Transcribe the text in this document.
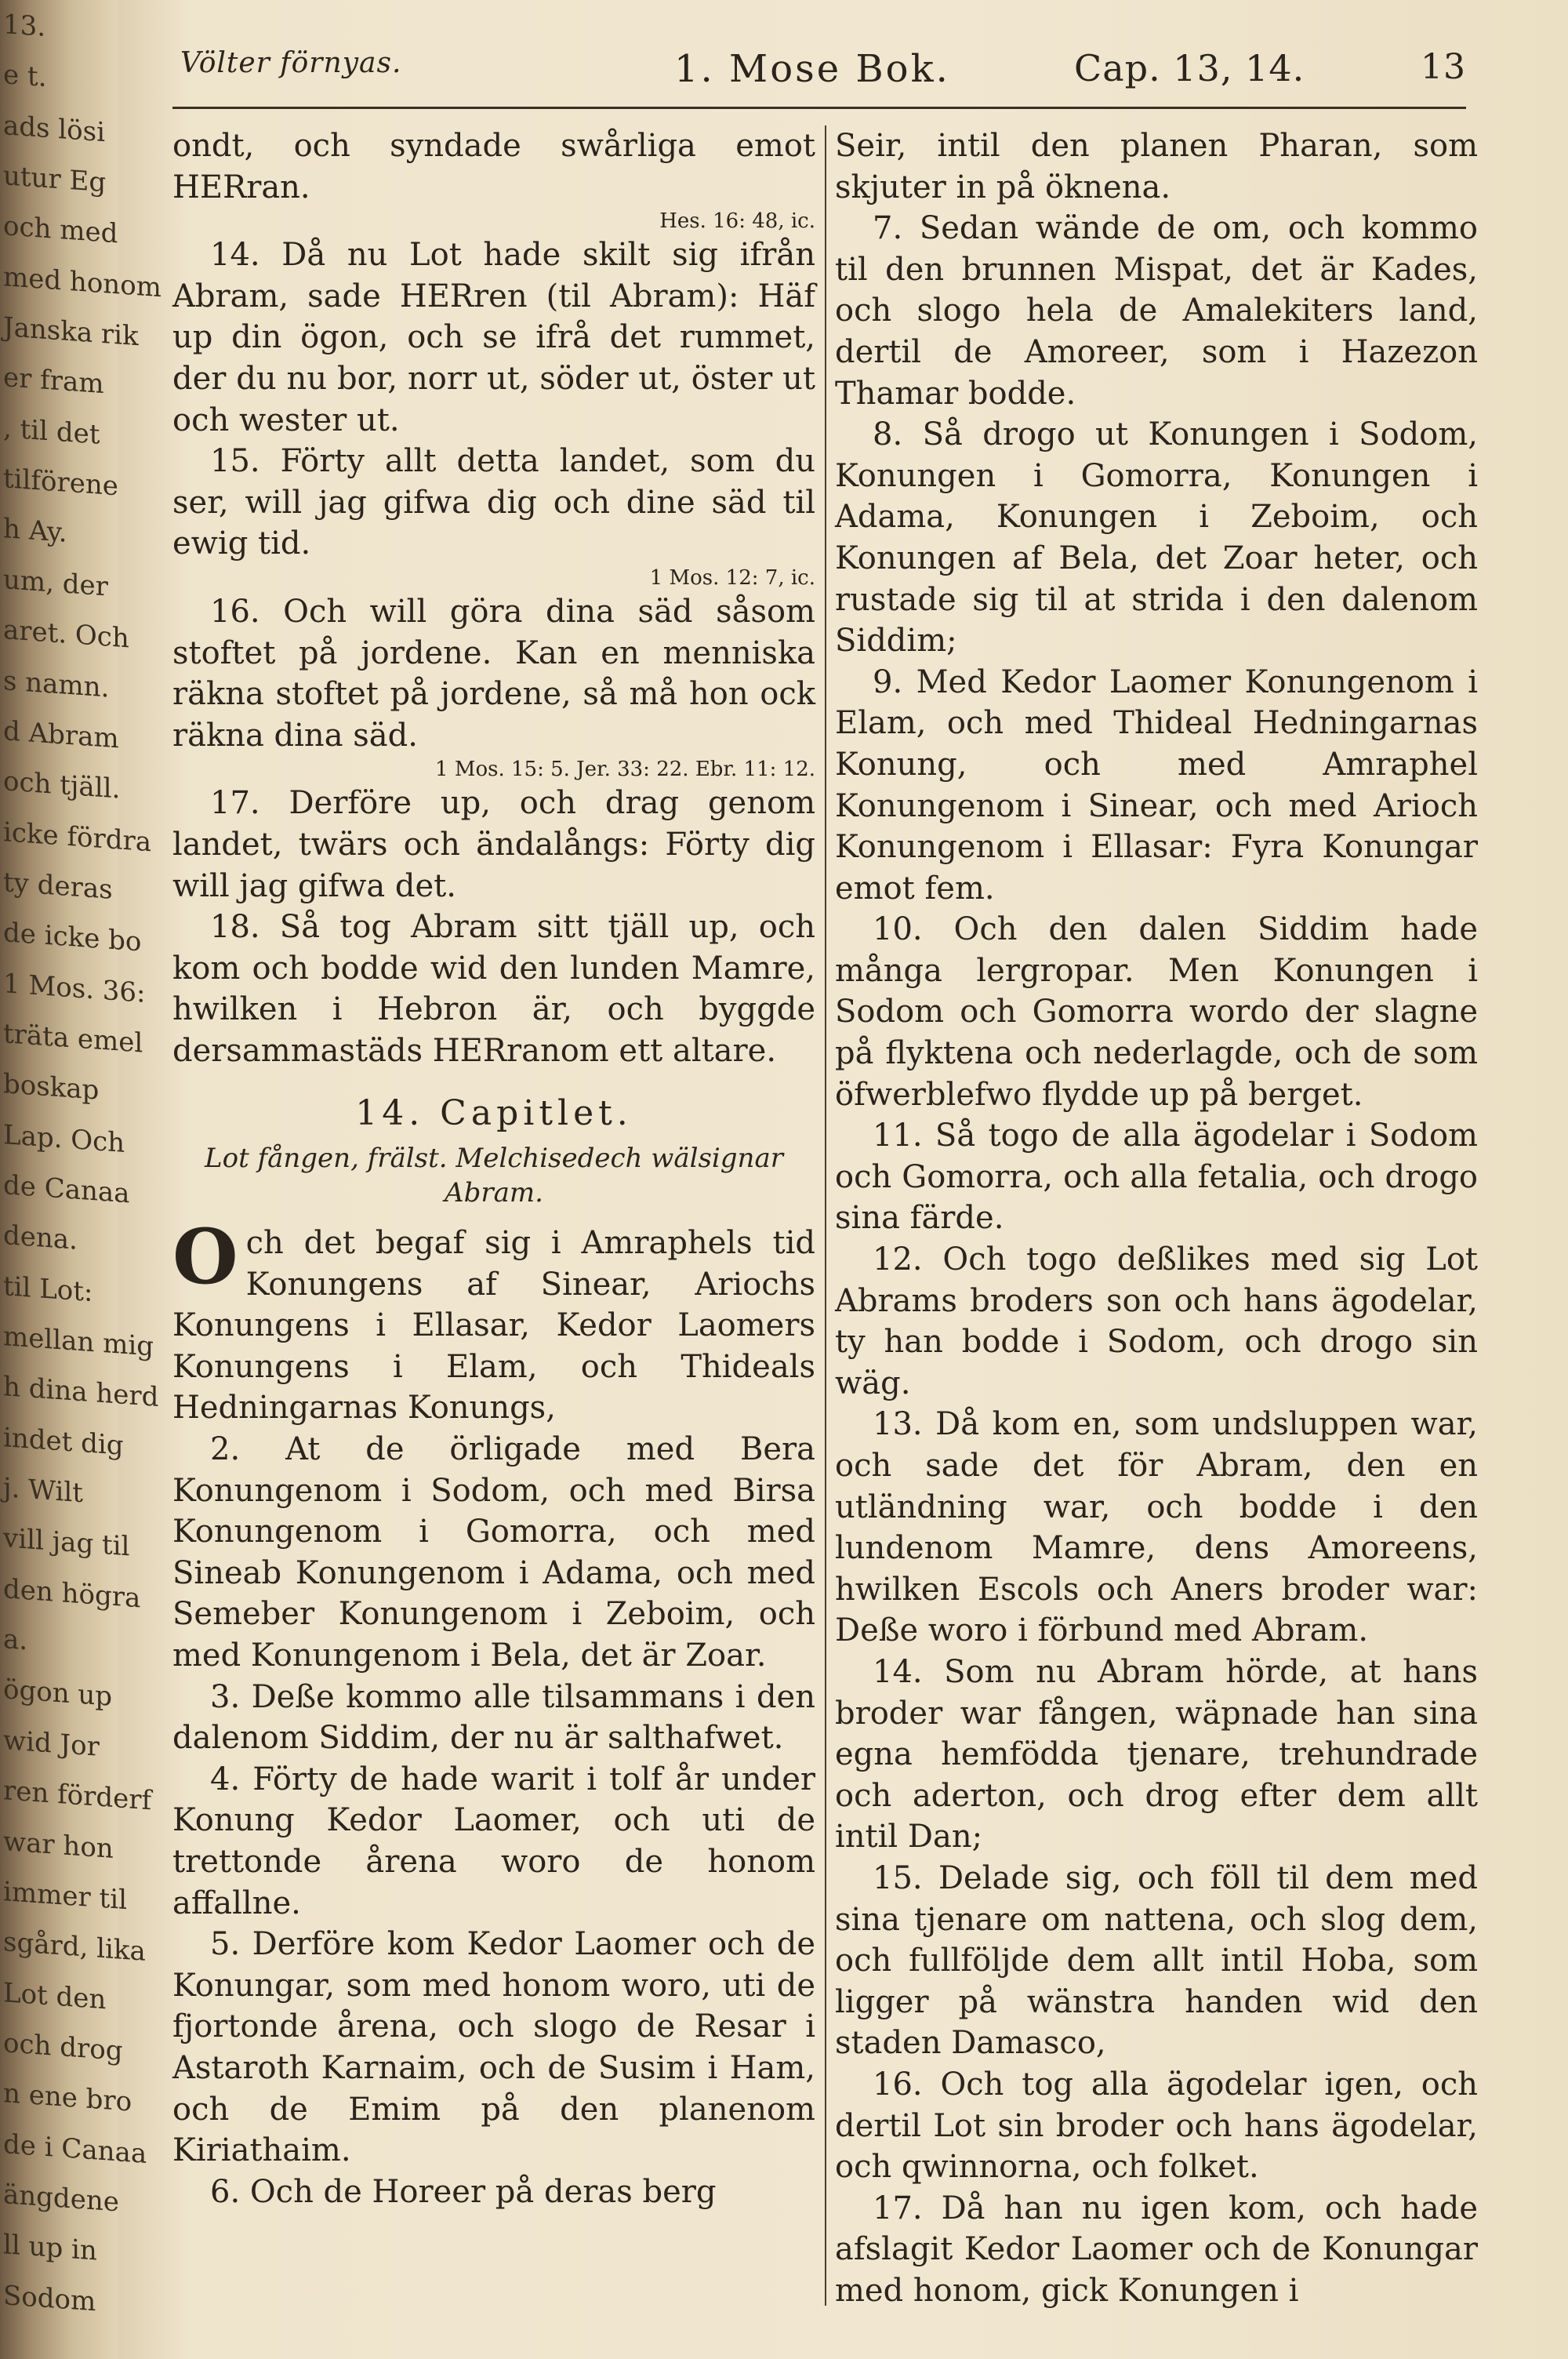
13.
e t.
ads lösi
utur Eg
och med
med honom
Janska rik
er fram
, til det
tilförene
h Ay.
um, der
aret. Och
s namn.
d Abram
och tjäll.
icke fördra
ty deras
de icke bo
1 Mos. 36:
träta emel
boskap
Lap. Och
de Canaa
dena.
til Lot:
mellan mig
h dina herd
indet dig
j. Wilt
vill jag til
den högra
a.
ögon up
wid Jor
ren förderf
war hon
immer til
sgård, lika
Lot den
och drog
n ene bro
de i Canaa
ängdene
ll up in
Sodom
Völter förnyas.	1. Mose Bok.	Cap. 13, 14.	13

ondt, och syndade swårliga emot HERran.

Hes. 16: 48, ic.

14. Då nu Lot hade skilt sig ifrån Abram, sade HERren (til Abram): Häf up din ögon, och se ifrå det rummet, der du nu bor, norr ut, söder ut, öster ut och wester ut.

15. Förty allt detta landet, som du ser, will jag gifwa dig och dine säd til ewig tid.

1 Mos. 12: 7, ic.

16. Och will göra dina säd såsom stoftet på jordene. Kan en menniska räkna stoftet på jordene, så må hon ock räkna dina säd.

1 Mos. 15: 5. Jer. 33: 22. Ebr. 11: 12.

17. Derföre up, och drag genom landet, twärs och ändalångs: Förty dig will jag gifwa det.

18. Så tog Abram sitt tjäll up, och kom och bodde wid den lunden Mamre, hwilken i Hebron är, och byggde dersammastäds HERranom ett altare.

14. Capitlet.
Lot fången, frälst. Melchisedech wälsignar Abram.

Och det begaf sig i Amraphels tid Konungens af Sinear, Ariochs Konungens i Ellasar, Kedor Laomers Konungens i Elam, och Thideals Hedningarnas Konungs,

2. At de örligade med Bera Konungenom i Sodom, och med Birsa Konungenom i Gomorra, och med Sineab Konungenom i Adama, och med Semeber Konungenom i Zeboim, och med Konungenom i Bela, det är Zoar.

3. Deße kommo alle tilsammans i den dalenom Siddim, der nu är salthafwet.

4. Förty de hade warit i tolf år under Konung Kedor Laomer, och uti de trettonde årena woro de honom affallne.

5. Derföre kom Kedor Laomer och de Konungar, som med honom woro, uti de fjortonde årena, och slogo de Resar i Astaroth Karnaim, och de Susim i Ham, och de Emim på den planenom Kiriathaim.

6. Och de Horeer på deras berg

Seir, intil den planen Pharan, som skjuter in på öknena.

7. Sedan wände de om, och kommo til den brunnen Mispat, det är Kades, och slogo hela de Amalekiters land, dertil de Amoreer, som i Hazezon Thamar bodde.

8. Så drogo ut Konungen i Sodom, Konungen i Gomorra, Konungen i Adama, Konungen i Zeboim, och Konungen af Bela, det Zoar heter, och rustade sig til at strida i den dalenom Siddim;

9. Med Kedor Laomer Konungenom i Elam, och med Thideal Hedningarnas Konung, och med Amraphel Konungenom i Sinear, och med Arioch Konungenom i Ellasar: Fyra Konungar emot fem.

10. Och den dalen Siddim hade många lergropar. Men Konungen i Sodom och Gomorra wordo der slagne på flyktena och nederlagde, och de som öfwerblefwo flydde up på berget.

11. Så togo de alla ägodelar i Sodom och Gomorra, och alla fetalia, och drogo sina färde.

12. Och togo deßlikes med sig Lot Abrams broders son och hans ägodelar, ty han bodde i Sodom, och drogo sin wäg.

13. Då kom en, som undsluppen war, och sade det för Abram, den en utländning war, och bodde i den lundenom Mamre, dens Amoreens, hwilken Escols och Aners broder war: Deße woro i förbund med Abram.

14. Som nu Abram hörde, at hans broder war fången, wäpnade han sina egna hemfödda tjenare, trehundrade och aderton, och drog efter dem allt intil Dan;

15. Delade sig, och föll til dem med sina tjenare om nattena, och slog dem, och fullföljde dem allt intil Hoba, som ligger på wänstra handen wid den staden Damasco,

16. Och tog alla ägodelar igen, och dertil Lot sin broder och hans ägodelar, och qwinnorna, och folket.

17. Då han nu igen kom, och hade afslagit Kedor Laomer och de Konungar med honom, gick Konungen i
